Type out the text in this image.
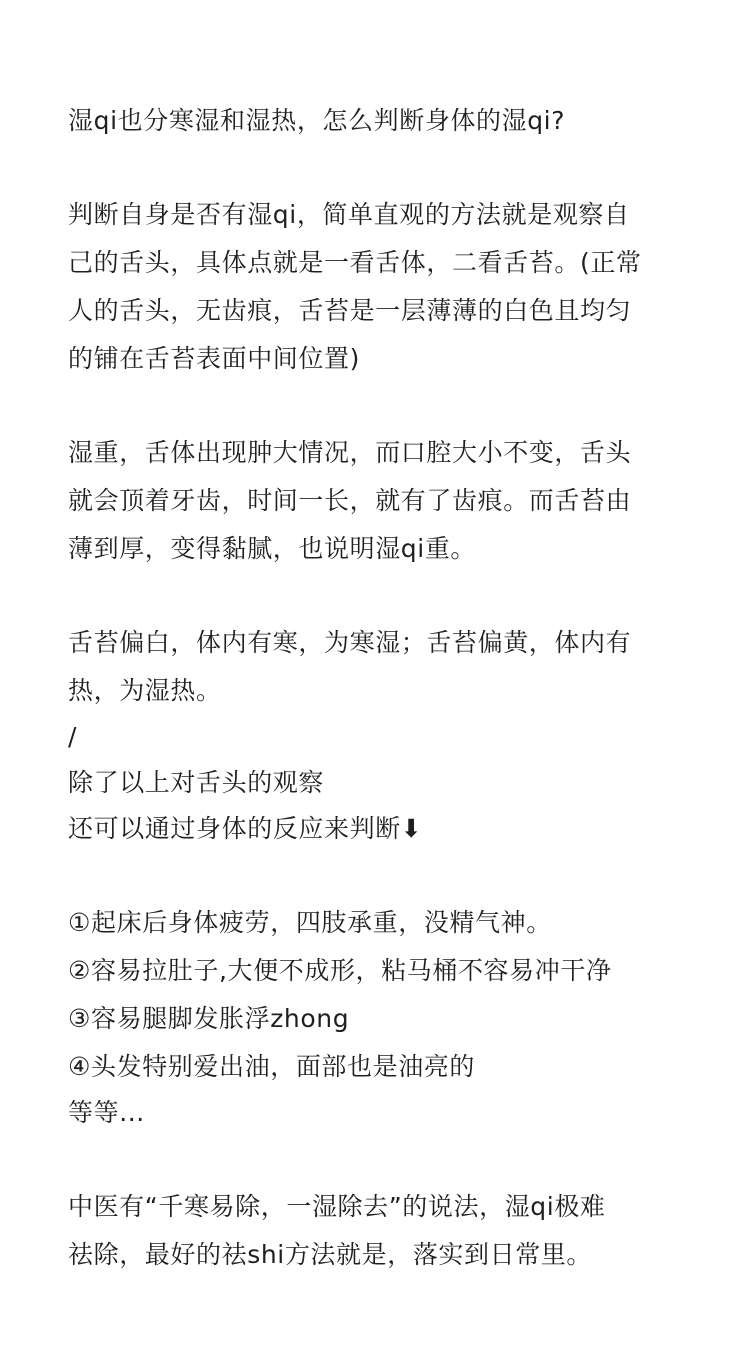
湿qi也分寒湿和湿热，怎么判断身体的湿qi?
判断自身是否有湿qi，简单直观的方法就是观察自
己的舌头，具体点就是一看舌体，二看舌苔。(正常
人的舌头，无齿痕，舌苔是一层薄薄的白色且均匀
的铺在舌苔表面中间位置)
湿重，舌体出现肿大情况，而口腔大小不变，舌头
就会顶着牙齿，时间一长，就有了齿痕。而舌苔由
薄到厚，变得黏腻，也说明湿qi重。
舌苔偏白，体内有寒，为寒湿；舌苔偏黄，体内有
热，为湿热。
/
除了以上对舌头的观察
还可以通过身体的反应来判断⬇
①起床后身体疲劳，四肢承重，没精气神。
②容易拉肚子,大便不成形，粘马桶不容易冲干净
③容易腿脚发胀浮zhong
④头发特别爱出油，面部也是油亮的
等等...
中医有“千寒易除，一湿除去”的说法，湿qi极难
祛除，最好的祛shi方法就是，落实到日常里。
